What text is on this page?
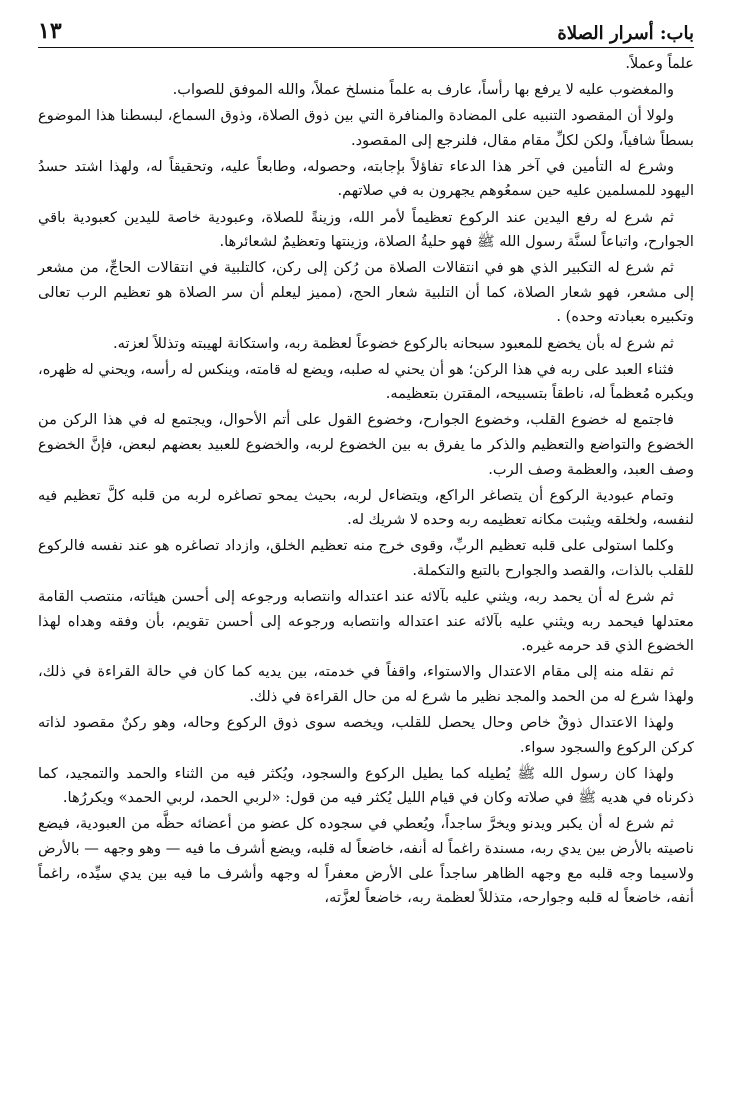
باب: أسرار الصلاة
١٣

علماً وعملاً.

والمغضوب عليه لا يرفع بها رأساً، عارف به علماً منسلخ عملاً، والله الموفق للصواب.

ولولا أن المقصود التنبيه على المضادة والمنافرة التي بين ذوق الصلاة، وذوق السماع، لبسطنا هذا الموضوع بسطاً شافياً، ولكن لكلِّ مقام مقال، فلنرجع إلى المقصود.

وشرع له التأمين في آخر هذا الدعاء تفاؤلاً بإجابته، وحصوله، وطابعاً عليه، وتحقيقاً له، ولهذا اشتد حسدُ اليهود للمسلمين عليه حين سمعُوهم يجهرون به في صلاتهم.

ثم شرع له رفع اليدين عند الركوع تعظيماً لأمر الله، وزينةً للصلاة، وعبودية خاصة لليدين كعبودية باقي الجوارح، واتباعاً لسنَّة رسول الله ﷺ فهو حليةُ الصلاة، وزينتها وتعظيمٌ لشعائرها.

ثم شرع له التكبير الذي هو في انتقالات الصلاة من رُكن إلى ركن، كالتلبية في انتقالات الحاجِّ، من مشعر إلى مشعر، فهو شعار الصلاة، كما أن التلبية شعار الحج، (مميز ليعلم أن سر الصلاة هو تعظيم الرب تعالى وتكبيره بعبادته وحده) .

ثم شرع له بأن يخضع للمعبود سبحانه بالركوع خضوعاً لعظمة ربه، واستكانة لهيبته وتذللاً لعزته.

فثناء العبد على ربه في هذا الركن؛ هو أن يحني له صلبه، ويضع له قامته، وينكس له رأسه، ويحني له ظهره، ويكبره مُعظماً له، ناطقاً بتسبيحه، المقترن بتعظيمه.

فاجتمع له خضوع القلب، وخضوع الجوارح، وخضوع القول على أتم الأحوال، ويجتمع له في هذا الركن من الخضوع والتواضع والتعظيم والذكر ما يفرق به بين الخضوع لربه، والخضوع للعبيد بعضهم لبعض، فإنَّ الخضوع وصف العبد، والعظمة وصف الرب.

وتمام عبودية الركوع أن يتصاغر الراكع، ويتضاءل لربه، بحيث يمحو تصاغره لربه من قلبه كلَّ تعظيم فيه لنفسه، ولخلقه ويثبت مكانه تعظيمه ربه وحده لا شريك له.

وكلما استولى على قلبه تعظيم الربِّ، وقوى خرج منه تعظيم الخلق، وازداد تصاغره هو عند نفسه فالركوع للقلب بالذات، والقصد والجوارح بالتبع والتكملة.

ثم شرع له أن يحمد ربه، ويثني عليه بآلائه عند اعتداله وانتصابه ورجوعه إلى أحسن هيئاته، منتصب القامة معتدلها فيحمد ربه ويثني عليه بآلائه عند اعتداله وانتصابه ورجوعه إلى أحسن تقويم، بأن وفقه وهداه لهذا الخضوع الذي قد حرمه غيره.

ثم نقله منه إلى مقام الاعتدال والاستواء، واقفاً في خدمته، بين يديه كما كان في حالة القراءة في ذلك، ولهذا شرع له من الحمد والمجد نظير ما شرع له من حال القراءة في ذلك.

ولهذا الاعتدال ذوقٌ خاص وحال يحصل للقلب، ويخصه سوى ذوق الركوع وحاله، وهو ركنٌ مقصود لذاته كركن الركوع والسجود سواء.

ولهذا كان رسول الله ﷺ يُطيله كما يطيل الركوع والسجود، ويُكثر فيه من الثناء والحمد والتمجيد، كما ذكرناه في هديه ﷺ في صلاته وكان في قيام الليل يُكثر فيه من قول: «لربي الحمد، لربي الحمد» ويكررُها.

ثم شرع له أن يكبر ويدنو ويخرَّ ساجداً، ويُعطي في سجوده كل عضو من أعضائه حظَّه من العبودية، فيضع ناصيته بالأرض بين يدي ربه، مسندة راغماً له أنفه، خاضعاً له قلبه، ويضع أشرف ما فيه — وهو وجهه — بالأرض ولاسيما وجه قلبه مع وجهه الظاهر ساجداً على الأرض معفراً له وجهه وأشرف ما فيه بين يدي سيِّده، راغماً أنفه، خاضعاً له قلبه وجوارحه، متذللاً لعظمة ربه، خاضعاً لعزَّته،
